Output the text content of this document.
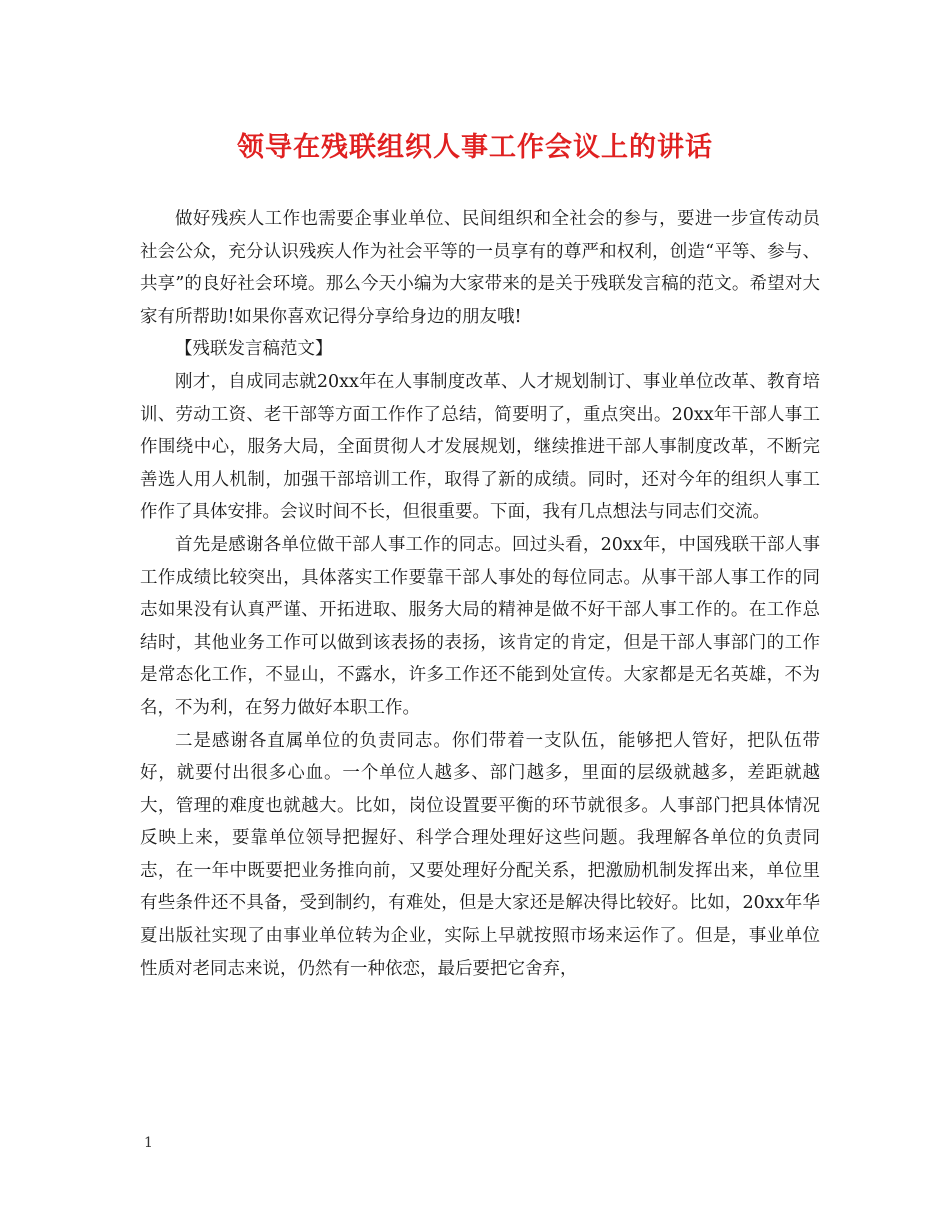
领导在残联组织人事工作会议上的讲话

做好残疾人工作也需要企事业单位、民间组织和全社会的参与，要进一步宣传动员社会公众，充分认识残疾人作为社会平等的一员享有的尊严和权利，创造“平等、参与、共享”的良好社会环境。那么今天小编为大家带来的是关于残联发言稿的范文。希望对大家有所帮助!如果你喜欢记得分享给身边的朋友哦!

【残联发言稿范文】

刚才，自成同志就20xx年在人事制度改革、人才规划制订、事业单位改革、教育培训、劳动工资、老干部等方面工作作了总结，简要明了，重点突出。20xx年干部人事工作围绕中心，服务大局，全面贯彻人才发展规划，继续推进干部人事制度改革，不断完善选人用人机制，加强干部培训工作，取得了新的成绩。同时，还对今年的组织人事工作作了具体安排。会议时间不长，但很重要。下面，我有几点想法与同志们交流。

首先是感谢各单位做干部人事工作的同志。回过头看，20xx年，中国残联干部人事工作成绩比较突出，具体落实工作要靠干部人事处的每位同志。从事干部人事工作的同志如果没有认真严谨、开拓进取、服务大局的精神是做不好干部人事工作的。在工作总结时，其他业务工作可以做到该表扬的表扬，该肯定的肯定，但是干部人事部门的工作是常态化工作，不显山，不露水，许多工作还不能到处宣传。大家都是无名英雄，不为名，不为利，在努力做好本职工作。

二是感谢各直属单位的负责同志。你们带着一支队伍，能够把人管好，把队伍带好，就要付出很多心血。一个单位人越多、部门越多，里面的层级就越多，差距就越大，管理的难度也就越大。比如，岗位设置要平衡的环节就很多。人事部门把具体情况反映上来，要靠单位领导把握好、科学合理处理好这些问题。我理解各单位的负责同志，在一年中既要把业务推向前，又要处理好分配关系，把激励机制发挥出来，单位里有些条件还不具备，受到制约，有难处，但是大家还是解决得比较好。比如，20xx年华夏出版社实现了由事业单位转为企业，实际上早就按照市场来运作了。但是，事业单位性质对老同志来说，仍然有一种依恋，最后要把它舍弃，

1
